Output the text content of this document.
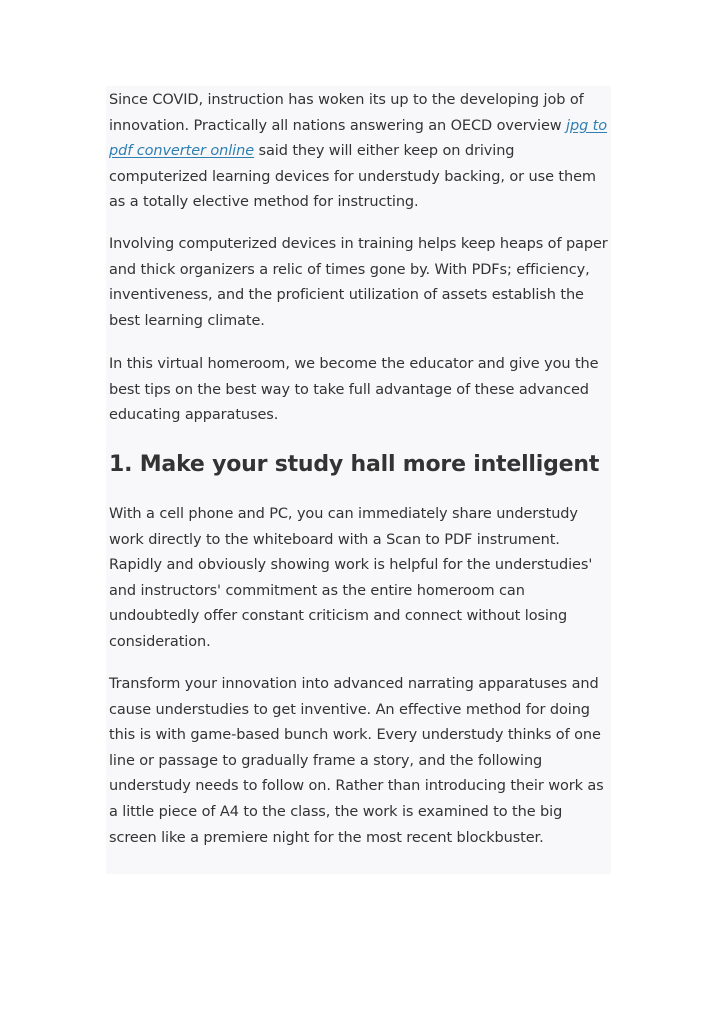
Since COVID, instruction has woken its up to the developing job of innovation. Practically all nations answering an OECD overview jpg to pdf converter online said they will either keep on driving computerized learning devices for understudy backing, or use them as a totally elective method for instructing.

Involving computerized devices in training helps keep heaps of paper and thick organizers a relic of times gone by. With PDFs; efficiency, inventiveness, and the proficient utilization of assets establish the best learning climate.

In this virtual homeroom, we become the educator and give you the best tips on the best way to take full advantage of these advanced educating apparatuses.

1. Make your study hall more intelligent

With a cell phone and PC, you can immediately share understudy work directly to the whiteboard with a Scan to PDF instrument. Rapidly and obviously showing work is helpful for the understudies' and instructors' commitment as the entire homeroom can undoubtedly offer constant criticism and connect without losing consideration.

Transform your innovation into advanced narrating apparatuses and cause understudies to get inventive. An effective method for doing this is with game-based bunch work. Every understudy thinks of one line or passage to gradually frame a story, and the following understudy needs to follow on. Rather than introducing their work as a little piece of A4 to the class, the work is examined to the big screen like a premiere night for the most recent blockbuster.
